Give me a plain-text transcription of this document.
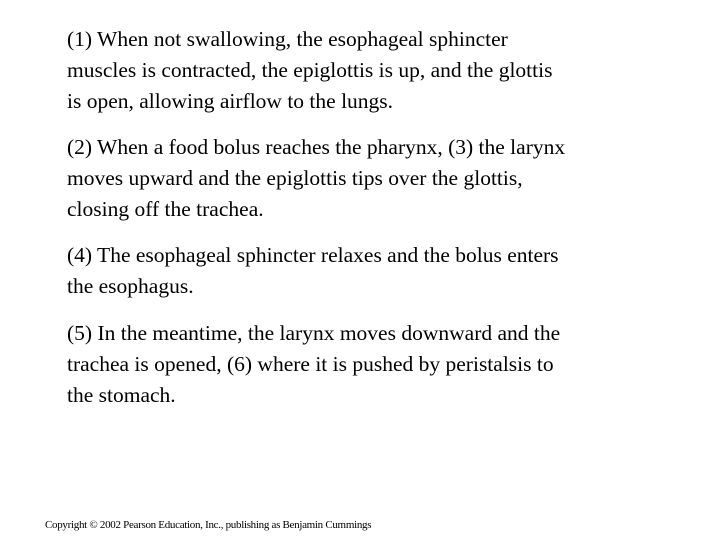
(1) When not swallowing, the esophageal sphincter
muscles is contracted, the epiglottis is up, and the glottis
is open, allowing airflow to the lungs.

(2) When a food bolus reaches the pharynx, (3) the larynx
moves upward and the epiglottis tips over the glottis,
closing off the trachea.

(4) The esophageal sphincter relaxes and the bolus enters
the esophagus.

(5) In the meantime, the larynx moves downward and the
trachea is opened, (6) where it is pushed by peristalsis to
the stomach.

Copyright © 2002 Pearson Education, Inc., publishing as Benjamin Cummings
